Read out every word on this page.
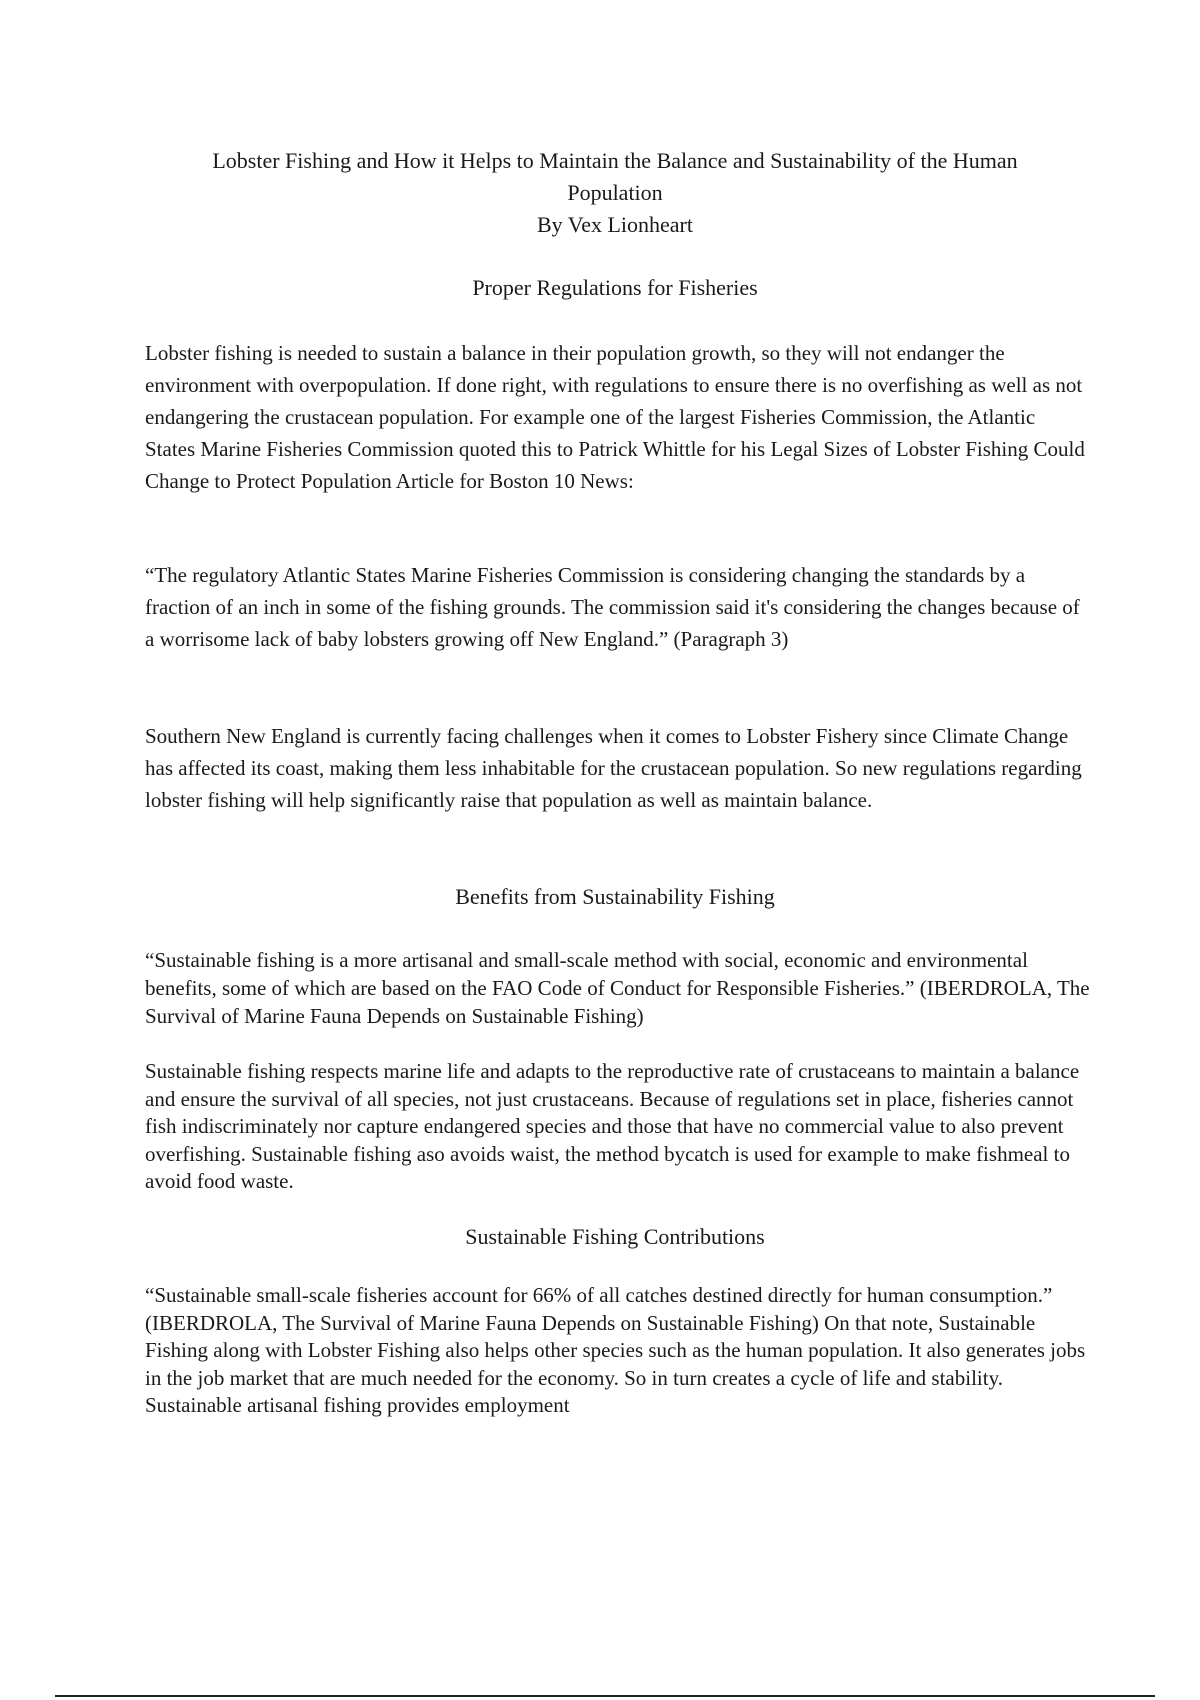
Lobster Fishing and How it Helps to Maintain the Balance and Sustainability of the Human
Population
By Vex Lionheart
Proper Regulations for Fisheries

Lobster fishing is needed to sustain a balance in their population growth, so they will not endanger the environment with overpopulation. If done right, with regulations to ensure there is no overfishing as well as not endangering the crustacean population. For example one of the largest Fisheries Commission, the Atlantic States Marine Fisheries Commission quoted this to Patrick Whittle for his Legal Sizes of Lobster Fishing Could Change to Protect Population Article for Boston 10 News:

“The regulatory Atlantic States Marine Fisheries Commission is considering changing the standards by a fraction of an inch in some of the fishing grounds. The commission said it's considering the changes because of a worrisome lack of baby lobsters growing off New England.” (Paragraph 3)

Southern New England is currently facing challenges when it comes to Lobster Fishery since Climate Change has affected its coast, making them less inhabitable for the crustacean population. So new regulations regarding lobster fishing will help significantly raise that population as well as maintain balance.

Benefits from Sustainability Fishing

“Sustainable fishing is a more artisanal and small-scale method with social, economic and environmental benefits, some of which are based on the FAO Code of Conduct for Responsible Fisheries.” (IBERDROLA, The Survival of Marine Fauna Depends on Sustainable Fishing)

Sustainable fishing respects marine life and adapts to the reproductive rate of crustaceans to maintain a balance and ensure the survival of all species, not just crustaceans. Because of regulations set in place, fisheries cannot fish indiscriminately nor capture endangered species and those that have no commercial value to also prevent overfishing. Sustainable fishing aso avoids waist, the method bycatch is used for example to make fishmeal to avoid food waste.

Sustainable Fishing Contributions

“Sustainable small-scale fisheries account for 66% of all catches destined directly for human consumption.” (IBERDROLA, The Survival of Marine Fauna Depends on Sustainable Fishing) On that note, Sustainable Fishing along with Lobster Fishing also helps other species such as the human population. It also generates jobs in the job market that are much needed for the economy. So in turn creates a cycle of life and stability. Sustainable artisanal fishing provides employment
